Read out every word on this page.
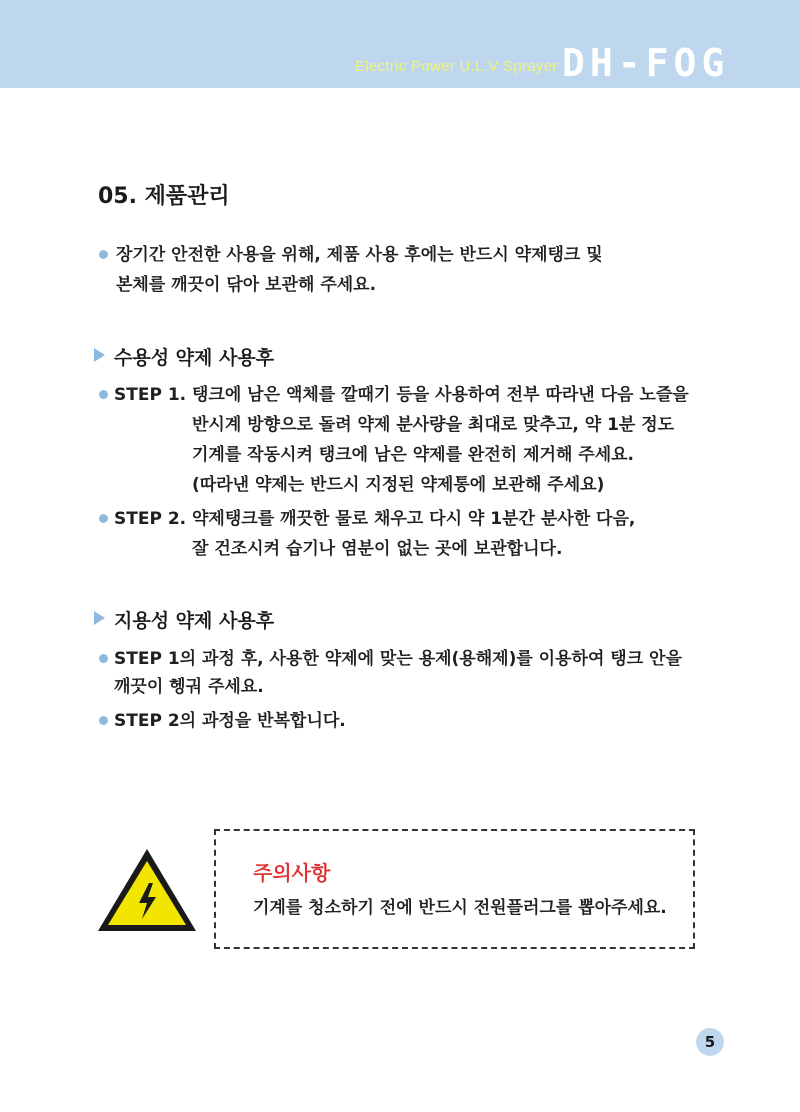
Electric Power U.L.V Sprayer DH-FOG
05. 제품관리

장기간 안전한 사용을 위해, 제품 사용 후에는 반드시 약제탱크 및

본체를 깨끗이 닦아 보관해 주세요.

수용성 약제 사용후
STEP 1. 탱크에 남은 액체를 깔때기 등을 사용하여 전부 따라낸 다음 노즐을
반시계 방향으로 돌려 약제 분사량을 최대로 맞추고, 약 1분 정도
기계를 작동시켜 탱크에 남은 약제를 완전히 제거해 주세요.
(따라낸 약제는 반드시 지정된 약제통에 보관해 주세요)
STEP 2. 약제탱크를 깨끗한 물로 채우고 다시 약 1분간 분사한 다음,
잘 건조시켜 습기나 염분이 없는 곳에 보관합니다.
지용성 약제 사용후

STEP 1의 과정 후, 사용한 약제에 맞는 용제(용해제)를 이용하여 탱크 안을

깨끗이 헹궈 주세요.

STEP 2의 과정을 반복합니다.

주의사항
기계를 청소하기 전에 반드시 전원플러그를 뽑아주세요.
5
